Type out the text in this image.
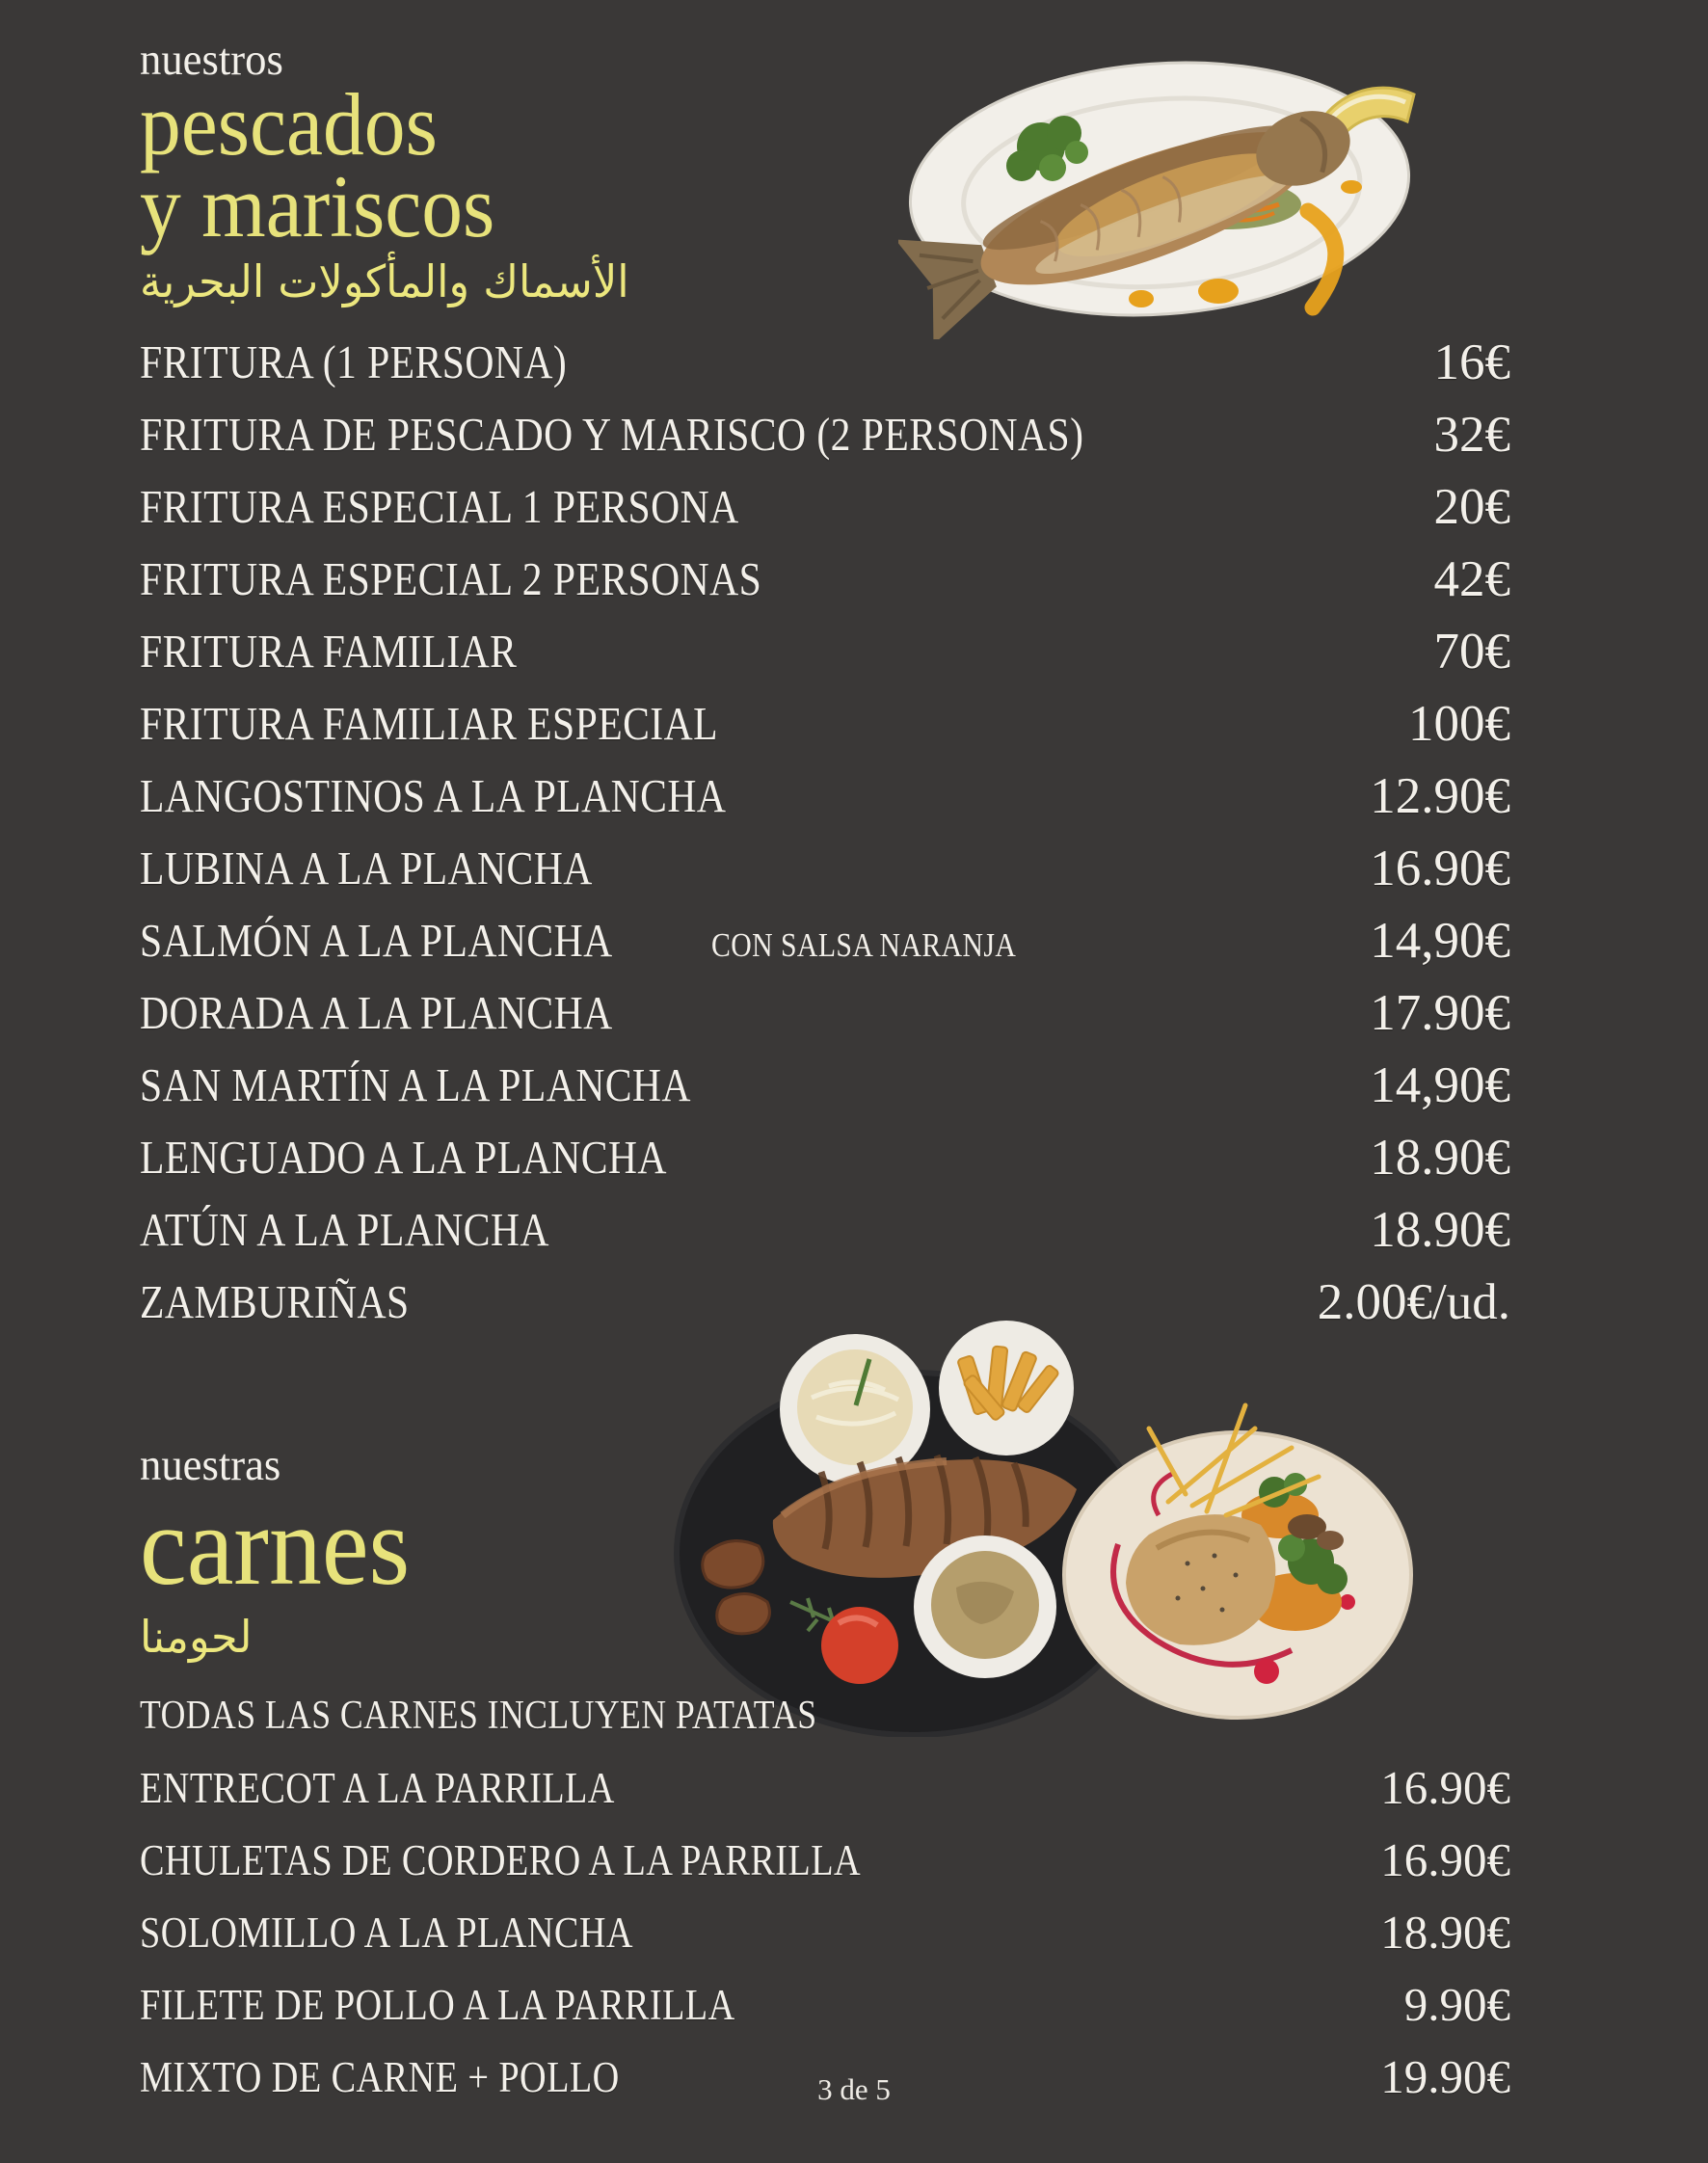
nuestros
pescados
y mariscos
الأسماك والمأكولات البحرية
FRITURA (1 PERSONA)	16€
FRITURA DE PESCADO Y MARISCO (2 PERSONAS)	32€
FRITURA ESPECIAL 1 PERSONA	20€
FRITURA ESPECIAL 2 PERSONAS	42€
FRITURA FAMILIAR	70€
FRITURA FAMILIAR ESPECIAL	100€
LANGOSTINOS A LA PLANCHA	12.90€
LUBINA A LA PLANCHA	16.90€
SALMÓN A LA PLANCHA	CON SALSA NARANJA	14,90€
DORADA A LA PLANCHA	17.90€
SAN MARTÍN A LA PLANCHA	14,90€
LENGUADO A LA PLANCHA	18.90€
ATÚN A LA PLANCHA	18.90€
ZAMBURIÑAS	2.00€/ud.
nuestras
carnes
لحومنا
TODAS LAS CARNES INCLUYEN PATATAS
ENTRECOT A LA PARRILLA	16.90€
CHULETAS DE CORDERO A LA PARRILLA	16.90€
SOLOMILLO A LA PLANCHA	18.90€
FILETE DE POLLO A LA PARRILLA	9.90€
MIXTO DE CARNE + POLLO	19.90€
3 de 5
